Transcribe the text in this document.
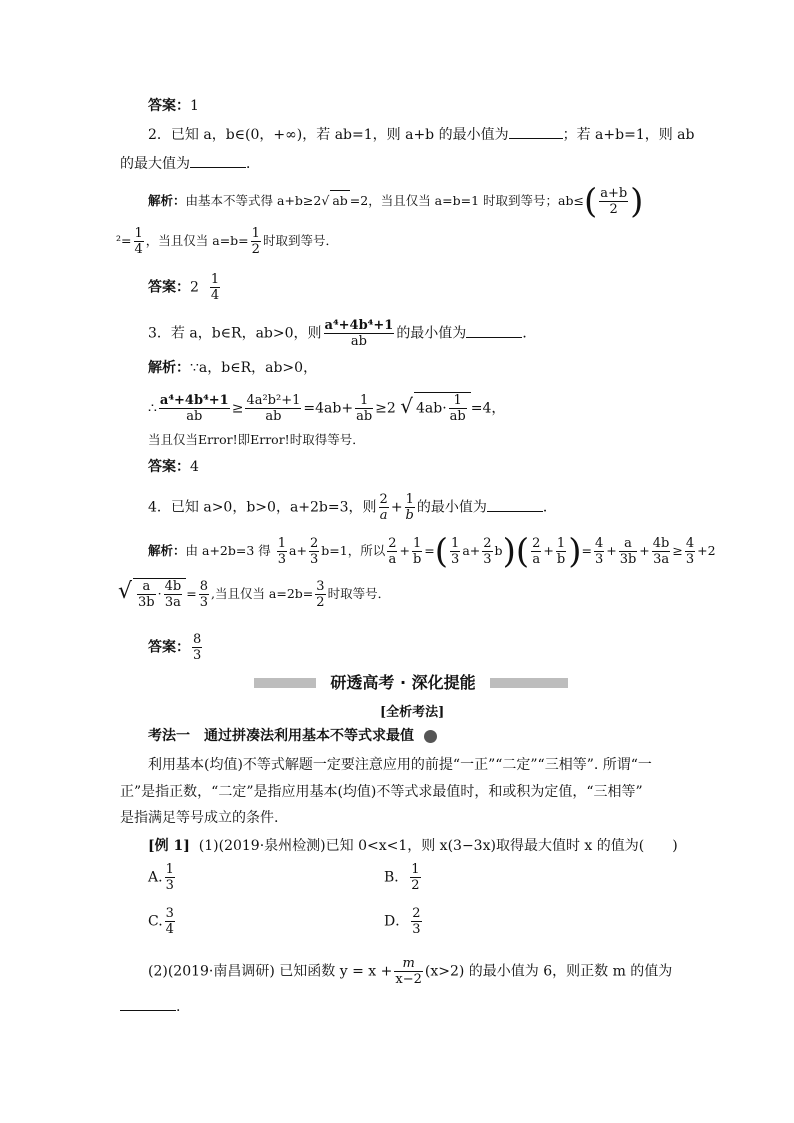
答案：1
2．已知 a，b∈(0，+∞)，若 ab=1，则 a+b 的最小值为	；若 a+b=1，则 ab
的最大值为	．
解析：由基本不等式得 a+b≥2 √ ab =2，当且仅当 a=b=1 时取到等号；$ab\le( \frac{a+b}{2}$ )
$^2= \frac{1}{4}$ ，当且仅当 $a=b= \frac{1}{2}$ 时取到等号．
答案：$2 \frac{1}{4}$
3．若 a，b∈R，ab>0，则 $\frac{\text{a⁴+4b⁴+1}}{ab}$ 的最小值为	．
解析：∵a，b∈R，ab>0，
∴ $\frac{\text{a⁴+4b⁴+1}}{ab} \ge \frac{\text{4a²b²+1}}{ab} =4ab+ \frac{1}{ab} \ge 2$ √ $4ab\cdot \frac{1}{ab} =4$，
当且仅当Error!即Error!时取得等号．
答案：4
4．已知 a>0，b>0，a+2b=3，则 $\frac{2}{a} + \frac{1}{b}$ 的最小值为	．
解析：由 a+2b=3 得 $\frac{1}{3} a+ \frac{2}{3} b=1$，所以 $\frac{2}{a} + \frac{1}{b}$ =( $\frac{1}{3} a+ \frac{2}{3} b)( \frac{2}{a} + \frac{1}{b}$ )= $\frac{4}{3} + \frac{a}{3b} + \frac{4b}{3a} \ge \frac{4}{3} +2$
√
$\frac{a}{3b} \cdot \frac{4b}{3a} = \frac{8}{3}$ ,当且仅当 $a=2b= \frac{3}{2}$ 时取等号．
答案： $\frac{8}{3}$
研透高考 · 深化提能
[全析考法]
考法一　通过拼凑法利用基本不等式求最值
利用基本(均值)不等式解题一定要注意应用的前提“一正”“二定”“三相等”. 所谓“一
正”是指正数，“二定”是指应用基本(均值)不等式求最值时，和或积为定值，“三相等”
是指满足等号成立的条件.
[例 1] (1)(2019·泉州检测)已知 0<x<1，则 x(3−3x)取得最大值时 x 的值为(　　)
A. $\frac{1}{3}$	B． $\frac{1}{2}$
C. $\frac{3}{4}$	D． $\frac{2}{3}$
(2)(2019·南昌调研) 已知函数 $y = x + \frac{m}{x-2} (x>2)$ 的最小值为 6，则正数 m 的值为
.
